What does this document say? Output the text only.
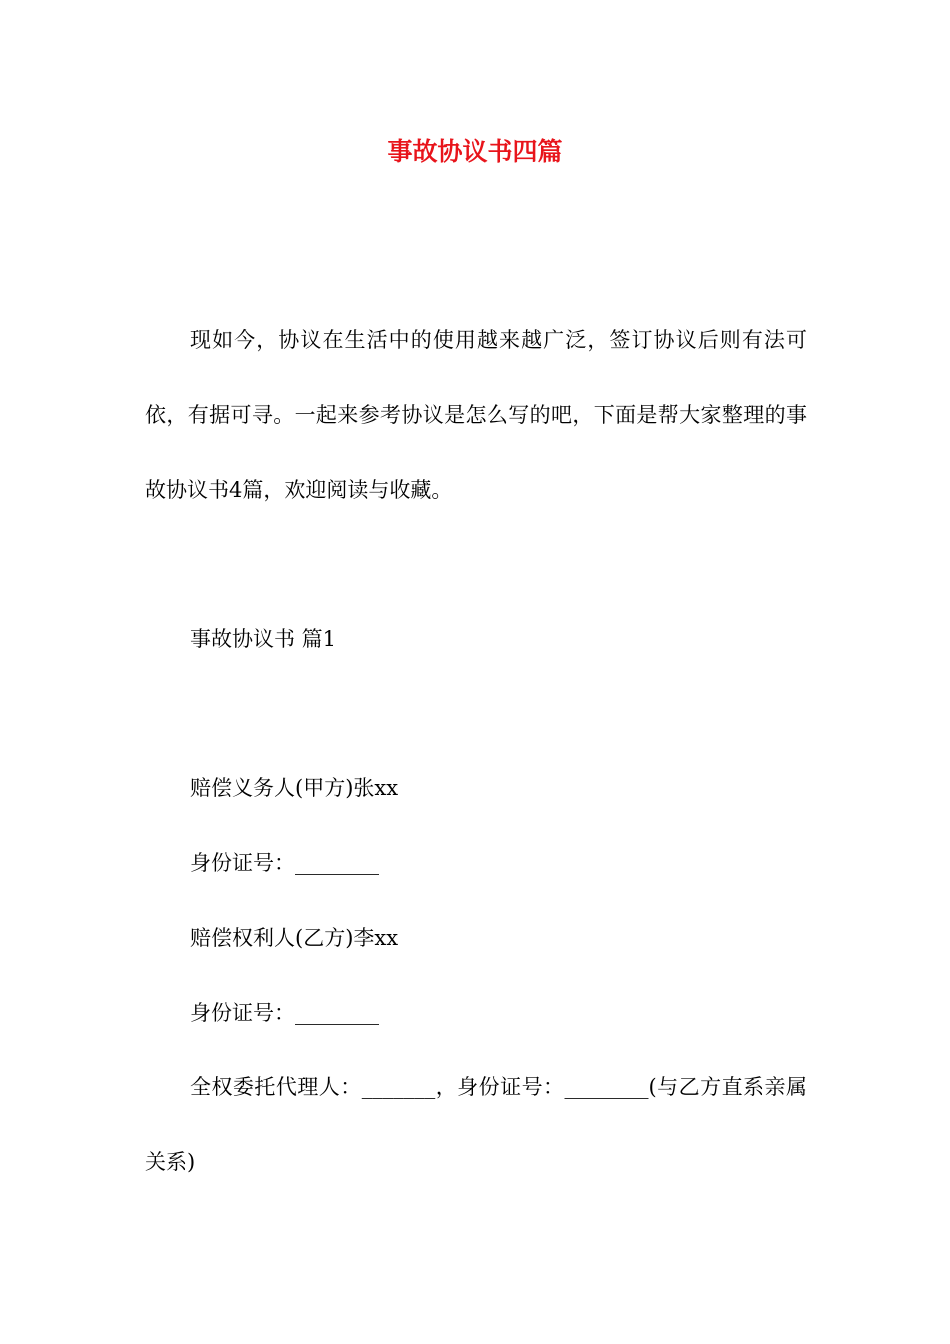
事故协议书四篇
现如今，协议在生活中的使用越来越广泛，签订协议后则有法可依，有据可寻。一起来参考协议是怎么写的吧，下面是帮大家整理的事故协议书4篇，欢迎阅读与收藏。
事故协议书 篇1
赔偿义务人(甲方)张xx
身份证号：________
赔偿权利人(乙方)李xx
身份证号：________
全权委托代理人：_______，身份证号：________(与乙方直系亲属关系)
